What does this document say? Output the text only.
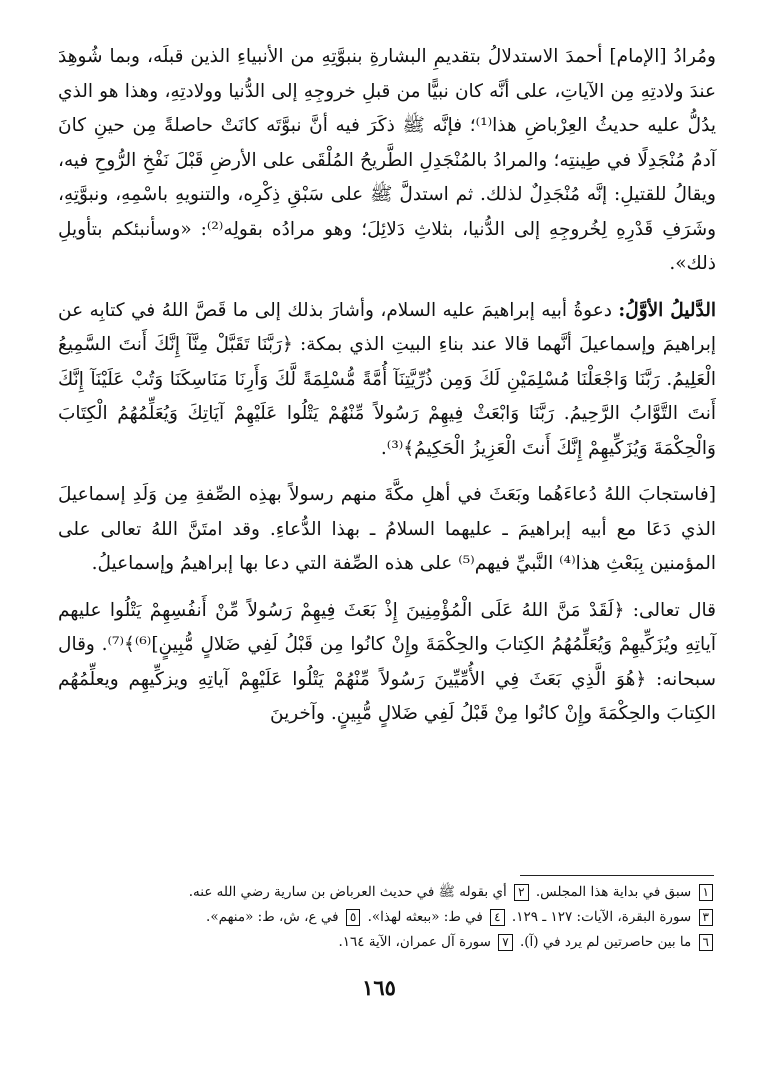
ومُرادُ [الإمام] أحمدَ الاستدلالُ بتقديمِ البشارةِ بنبوَّتِهِ من الأنبياءِ الذين قبلَه، وبما شُوهِدَ عندَ ولادتِهِ مِن الآياتِ، على أنَّه كان نبيًّا من قبلِ خروجِهِ إلى الدُّنيا وولادتِهِ، وهذا هو الذي يدُلُّ عليه حديثُ العِرْباضِ هذا⁽¹⁾؛ فإنَّه ﷺ ذكَرَ فيه أنَّ نبوَّتَه كانَتْ حاصلةً مِن حينِ كانَ آدمُ مُنْجَدِلًا في طِينتِه؛ والمرادُ بالمُنْجَدِلِ الطَّريحُ المُلْقَى على الأرضِ قَبْلَ نَفْخِ الرُّوحِ فيه، ويقالُ للقتيلِ: إنَّه مُنْجَدِلٌ لذلك. ثم استدلَّ ﷺ على سَبْقِ ذِكْرِه، والتنويهِ باسْمِهِ، ونبوَّتِهِ، وشَرَفِ قَدْرِهِ لِخُروجِهِ إلى الدُّنيا، بثلاثِ دَلائِلَ؛ وهو مرادُه بقولِه⁽²⁾: «وسأنبئكم بتأويلِ ذلك».

الدَّليلُ الأوَّلُ: دعوةُ أبيه إبراهيمَ عليه السلام، وأشارَ بذلك إلى ما قَصَّ اللهُ في كتابِه عن إبراهيمَ وإسماعيلَ أنَّهما قالا عند بناءِ البيتِ الذي بمكة: ﴿رَبَّنَا تَقَبَّلْ مِنَّآ إِنَّكَ أَنتَ السَّمِيعُ الْعَلِيمُ. رَبَّنَا وَاجْعَلْنَا مُسْلِمَيْنِ لَكَ وَمِن ذُرِّيَّتِنَآ أُمَّةً مُّسْلِمَةً لَّكَ وَأَرِنَا مَنَاسِكَنَا وَتُبْ عَلَيْنَآ إِنَّكَ أَنتَ التَّوَّابُ الرَّحِيمُ. رَبَّنَا وَابْعَثْ فِيهِمْ رَسُولاً مِّنْهُمْ يَتْلُوا عَلَيْهِمْ آيَاتِكَ وَيُعَلِّمُهُمُ الْكِتَابَ وَالْحِكْمَةَ وَيُزَكِّيهِمْ إِنَّكَ أَنتَ الْعَزِيزُ الْحَكِيمُ﴾⁽³⁾.

[فاستجابَ اللهُ دُعاءَهُما وبَعَثَ في أهلِ مكَّةَ منهم رسولاً بهذِه الصِّفةِ مِن وَلَدِ إسماعيلَ الذي دَعَا مع أبيه إبراهيمَ ـ عليهما السلامُ ـ بهذا الدُّعاءِ. وقد امتَنَّ اللهُ تعالى على المؤمنين بِبَعْثِ هذا⁽⁴⁾ النَّبيِّ فيهم⁽⁵⁾ على هذه الصِّفة التي دعا بها إبراهيمُ وإسماعيلُ.

قال تعالى: ﴿لَقَدْ مَنَّ اللهُ عَلَى الْمُؤْمِنِينَ إِذْ بَعَثَ فِيهِمْ رَسُولاً مِّنْ أَنفُسِهِمْ يَتْلُوا عليهم آياتِهِ ويُزَكِّيهِمْ وَيُعَلِّمُهُمُ الكِتابَ والحِكْمَةَ وإِنْ كانُوا مِن قَبْلُ لَفِي ضَلالٍ مُّبِينٍ]⁽⁶⁾﴾⁽⁷⁾. وقال سبحانه: ﴿هُوَ الَّذِي بَعَثَ فِي الأُمِّيِّينَ رَسُولاً مِّنْهُمْ يَتْلُوا عَلَيْهِمْ آياتِهِ ويزكِّيهِم ويعلِّمُهُم الكِتابَ والحِكْمَةَ وإِنْ كانُوا مِنْ قَبْلُ لَفِي ضَلالٍ مُّبِينٍ. وآخرينَ

١ سبق في بداية هذا المجلس. ٢ أي بقوله ﷺ في حديث العرباض بن سارية رضي الله عنه.

٣ سورة البقرة، الآيات: ١٢٧ ـ ١٢٩. ٤ في ط: «ببعثه لهذا». ٥ في ع، ش، ط: «منهم».

٦ ما بين حاصرتين لم يرد في (آ). ٧ سورة آل عمران، الآية ١٦٤.

١٦٥
